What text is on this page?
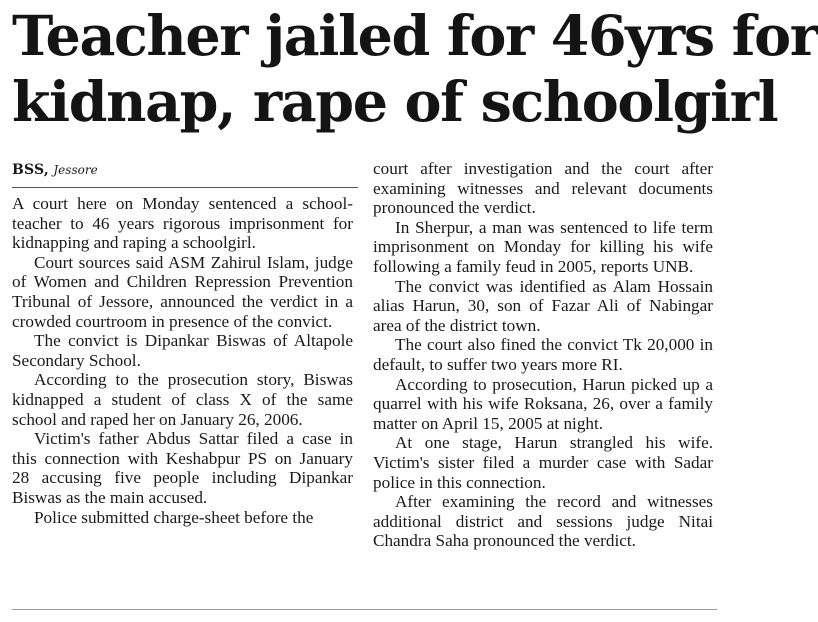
Teacher jailed for 46yrs for
kidnap, rape of schoolgirl
BSS, Jessore

A court here on Monday sentenced a schoolteacher to 46 years rigorous imprisonment for kidnapping and raping a schoolgirl.

Court sources said ASM Zahirul Islam, judge of Women and Children Repression Prevention Tribunal of Jessore, announced the verdict in a crowded courtroom in presence of the convict.

The convict is Dipankar Biswas of Altapole Secondary School.

According to the prosecution story, Biswas kidnapped a student of class X of the same school and raped her on January 26, 2006.

Victim's father Abdus Sattar filed a case in this connection with Keshabpur PS on January 28 accusing five people including Dipankar Biswas as the main accused.

Police submitted charge-sheet before the

court after investigation and the court after examining witnesses and relevant documents pronounced the verdict.

In Sherpur, a man was sentenced to life term imprisonment on Monday for killing his wife following a family feud in 2005, reports UNB.

The convict was identified as Alam Hossain alias Harun, 30, son of Fazar Ali of Nabingar area of the district town.

The court also fined the convict Tk 20,000 in default, to suffer two years more RI.

According to prosecution, Harun picked up a quarrel with his wife Roksana, 26, over a family matter on April 15, 2005 at night.

At one stage, Harun strangled his wife. Victim's sister filed a murder case with Sadar police in this connection.

After examining the record and witnesses additional district and sessions judge Nitai Chandra Saha pronounced the verdict.
